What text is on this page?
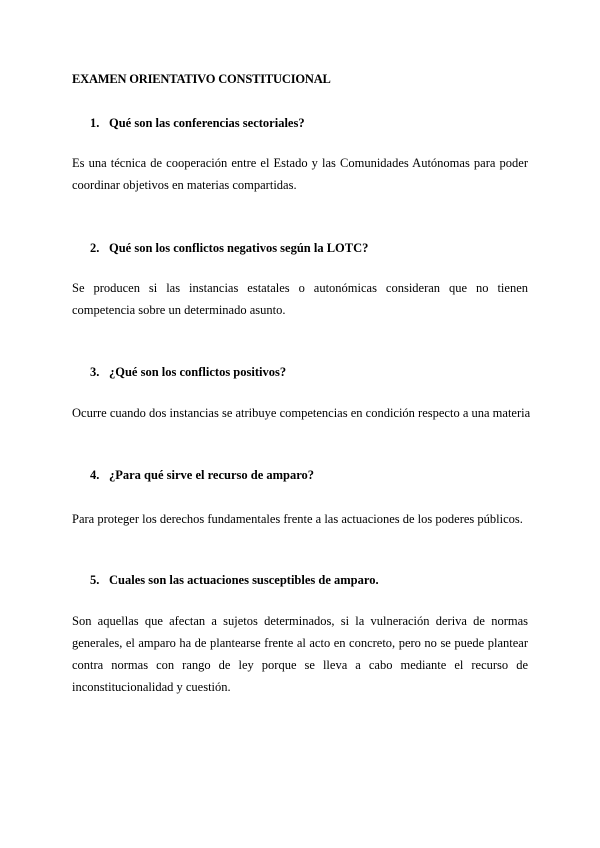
EXAMEN ORIENTATIVO CONSTITUCIONAL
1. Qué son las conferencias sectoriales?
Es una técnica de cooperación entre el Estado y las Comunidades Autónomas para poder coordinar objetivos en materias compartidas.
2. Qué son los conflictos negativos según la LOTC?
Se producen si las instancias estatales o autonómicas consideran que no tienen competencia sobre un determinado asunto.
3. ¿Qué son los conflictos positivos?
Ocurre cuando dos instancias se atribuye competencias en condición respecto a una materia
4. ¿Para qué sirve el recurso de amparo?
Para proteger los derechos fundamentales frente a las actuaciones de los poderes públicos.
5. Cuales son las actuaciones susceptibles de amparo.
Son aquellas que afectan a sujetos determinados, si la vulneración deriva de normas generales, el amparo ha de plantearse frente al acto en concreto, pero no se puede plantear contra normas con rango de ley porque se lleva a cabo mediante el recurso de inconstitucionalidad y cuestión.
